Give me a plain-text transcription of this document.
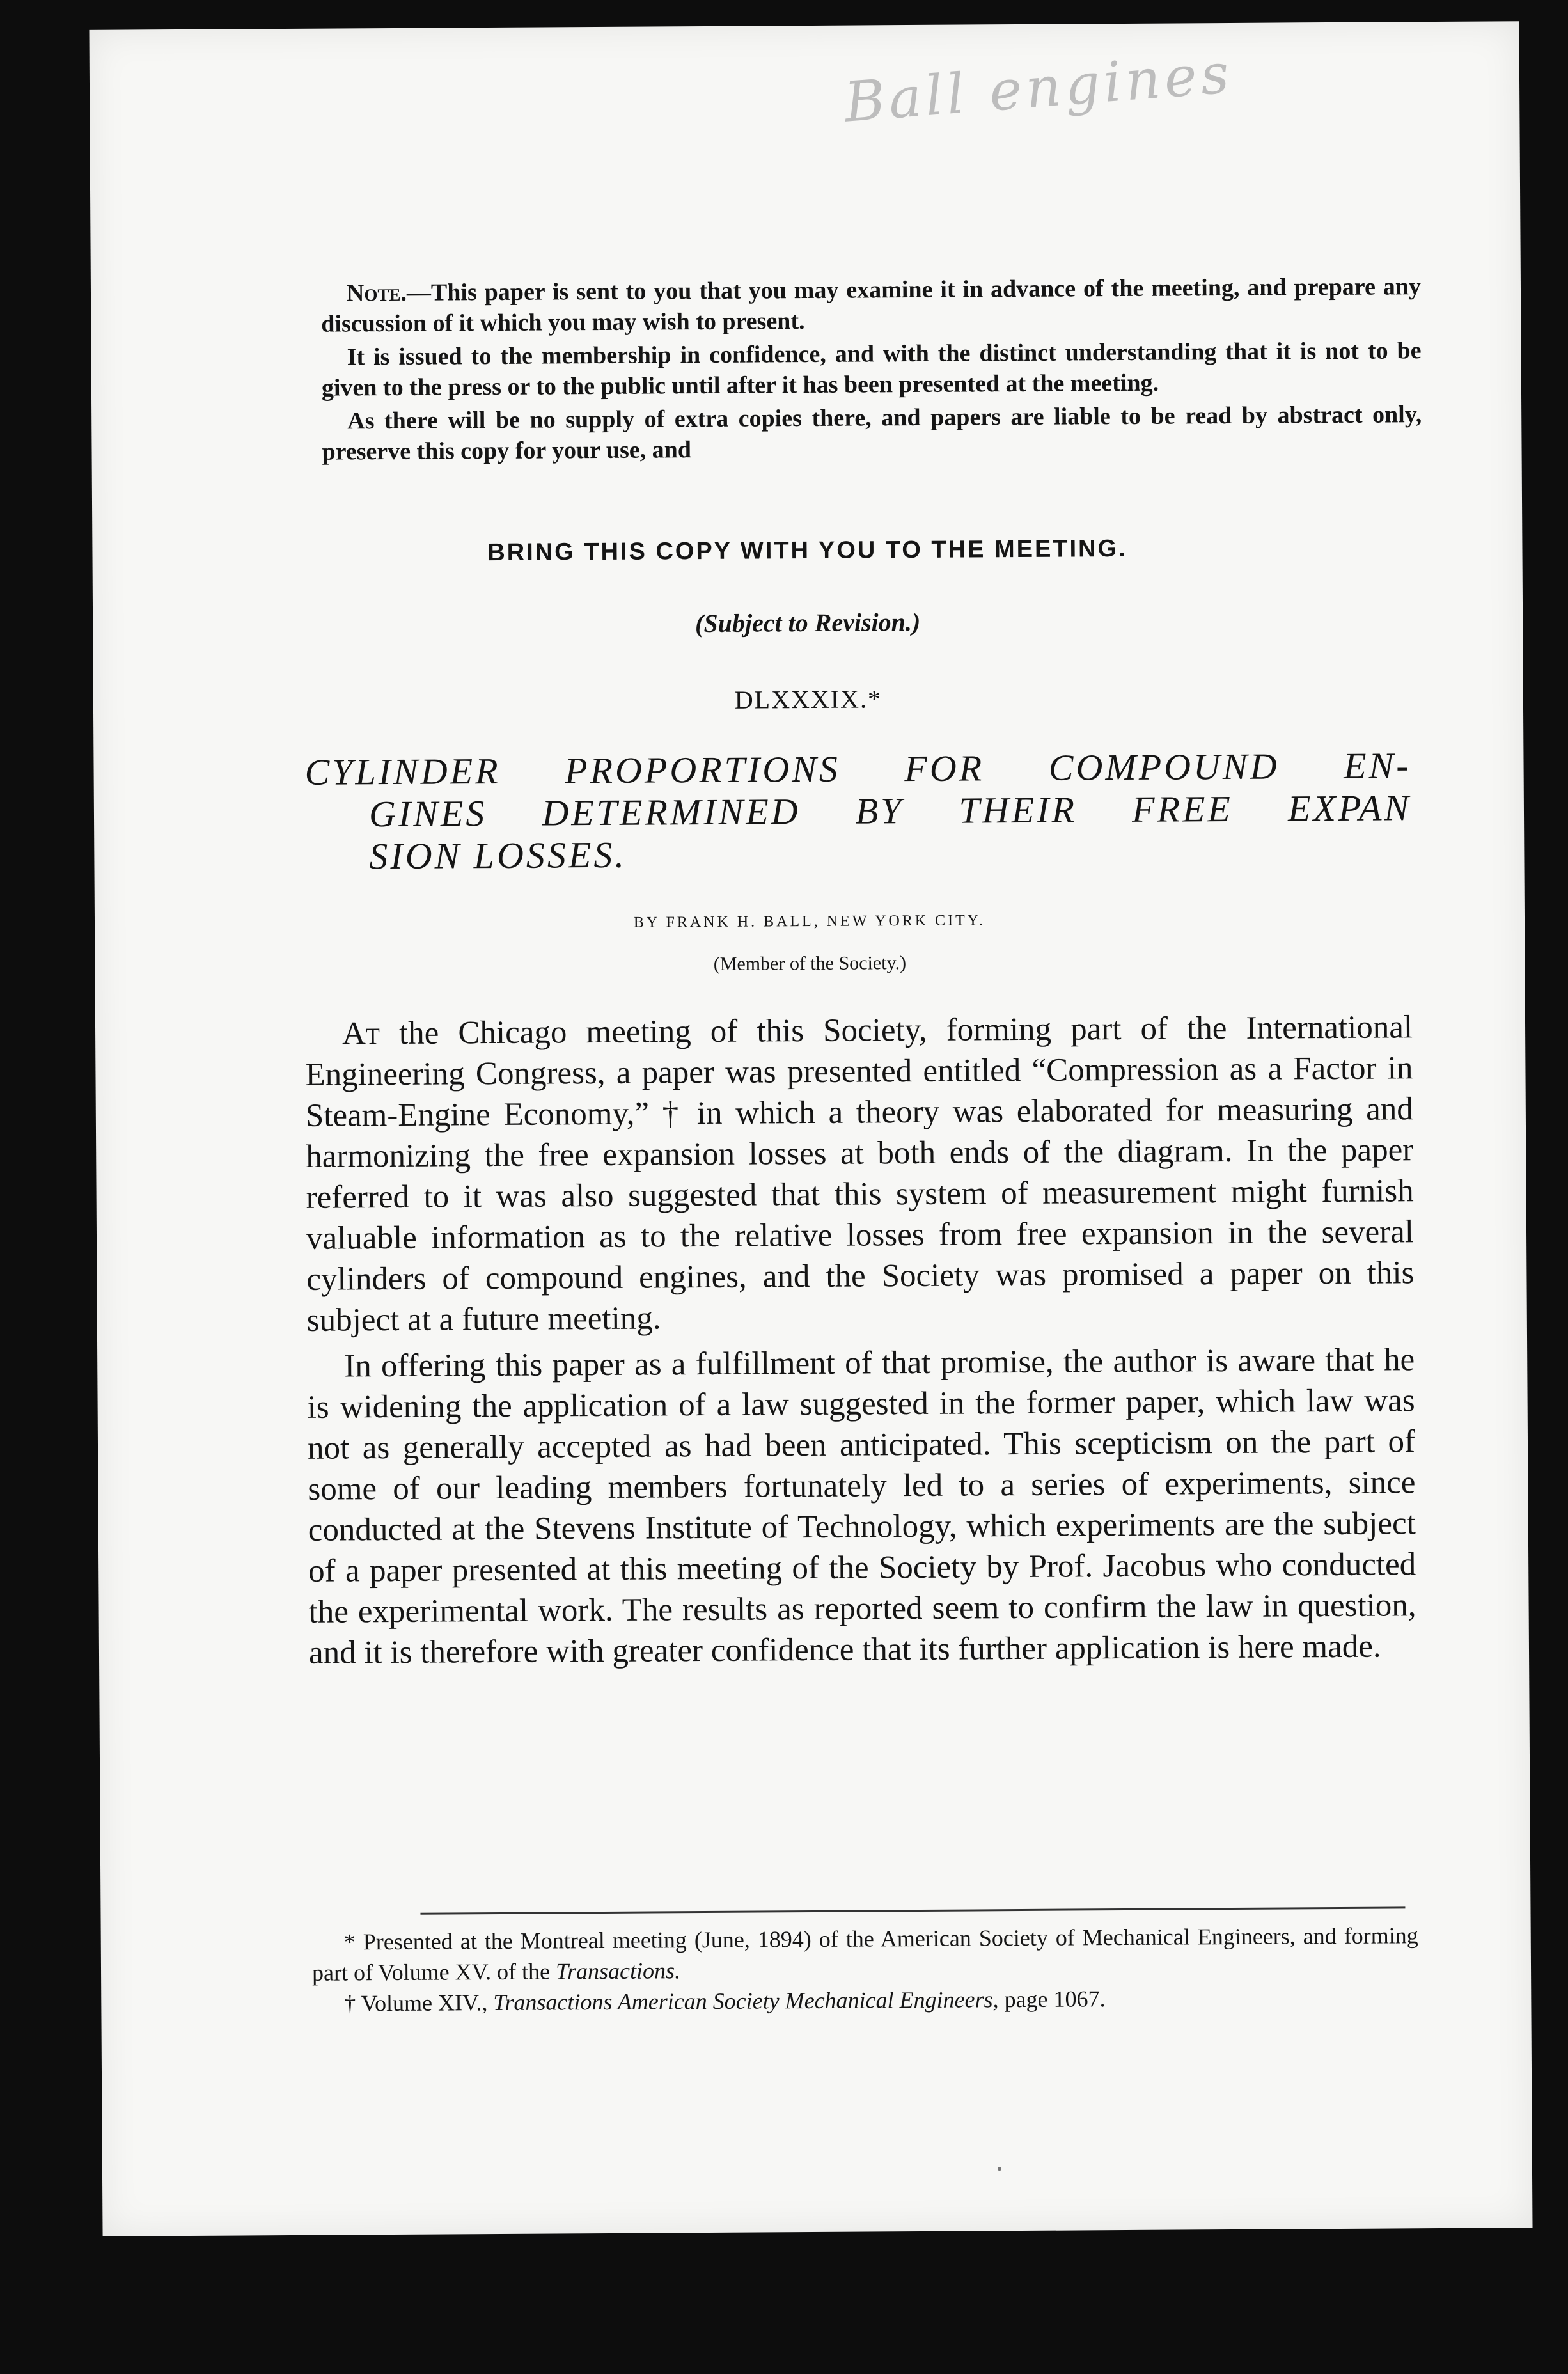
Ball engines

Note.—This paper is sent to you that you may examine it in advance of the meeting, and prepare any discussion of it which you may wish to present.

It is issued to the membership in confidence, and with the distinct understanding that it is not to be given to the press or to the public until after it has been presented at the meeting.

As there will be no supply of extra copies there, and papers are liable to be read by abstract only, preserve this copy for your use, and

BRING THIS COPY WITH YOU TO THE MEETING.
(Subject to Revision.)
DLXXXIX.*
CYLINDER PROPORTIONS FOR COMPOUND EN-
GINES DETERMINED BY THEIR FREE EXPAN
SION LOSSES.
BY FRANK H. BALL, NEW YORK CITY.
(Member of the Society.)

At the Chicago meeting of this Society, forming part of the International Engineering Congress, a paper was presented entitled “Compression as a Factor in Steam-Engine Economy,” † in which a theory was elaborated for measuring and harmonizing the free expansion losses at both ends of the diagram. In the paper referred to it was also suggested that this system of measurement might furnish valuable information as to the relative losses from free expansion in the several cylinders of compound engines, and the Society was promised a paper on this subject at a future meeting.

In offering this paper as a fulfillment of that promise, the author is aware that he is widening the application of a law suggested in the former paper, which law was not as generally accepted as had been anticipated. This scepticism on the part of some of our leading members fortunately led to a series of experiments, since conducted at the Stevens Institute of Technology, which experiments are the subject of a paper presented at this meeting of the Society by Prof. Jacobus who conducted the experimental work. The results as reported seem to confirm the law in question, and it is therefore with greater confidence that its further application is here made.

* Presented at the Montreal meeting (June, 1894) of the American Society of Mechanical Engineers, and forming part of Volume XV. of the Transactions.

† Volume XIV., Transactions American Society Mechanical Engineers, page 1067.
